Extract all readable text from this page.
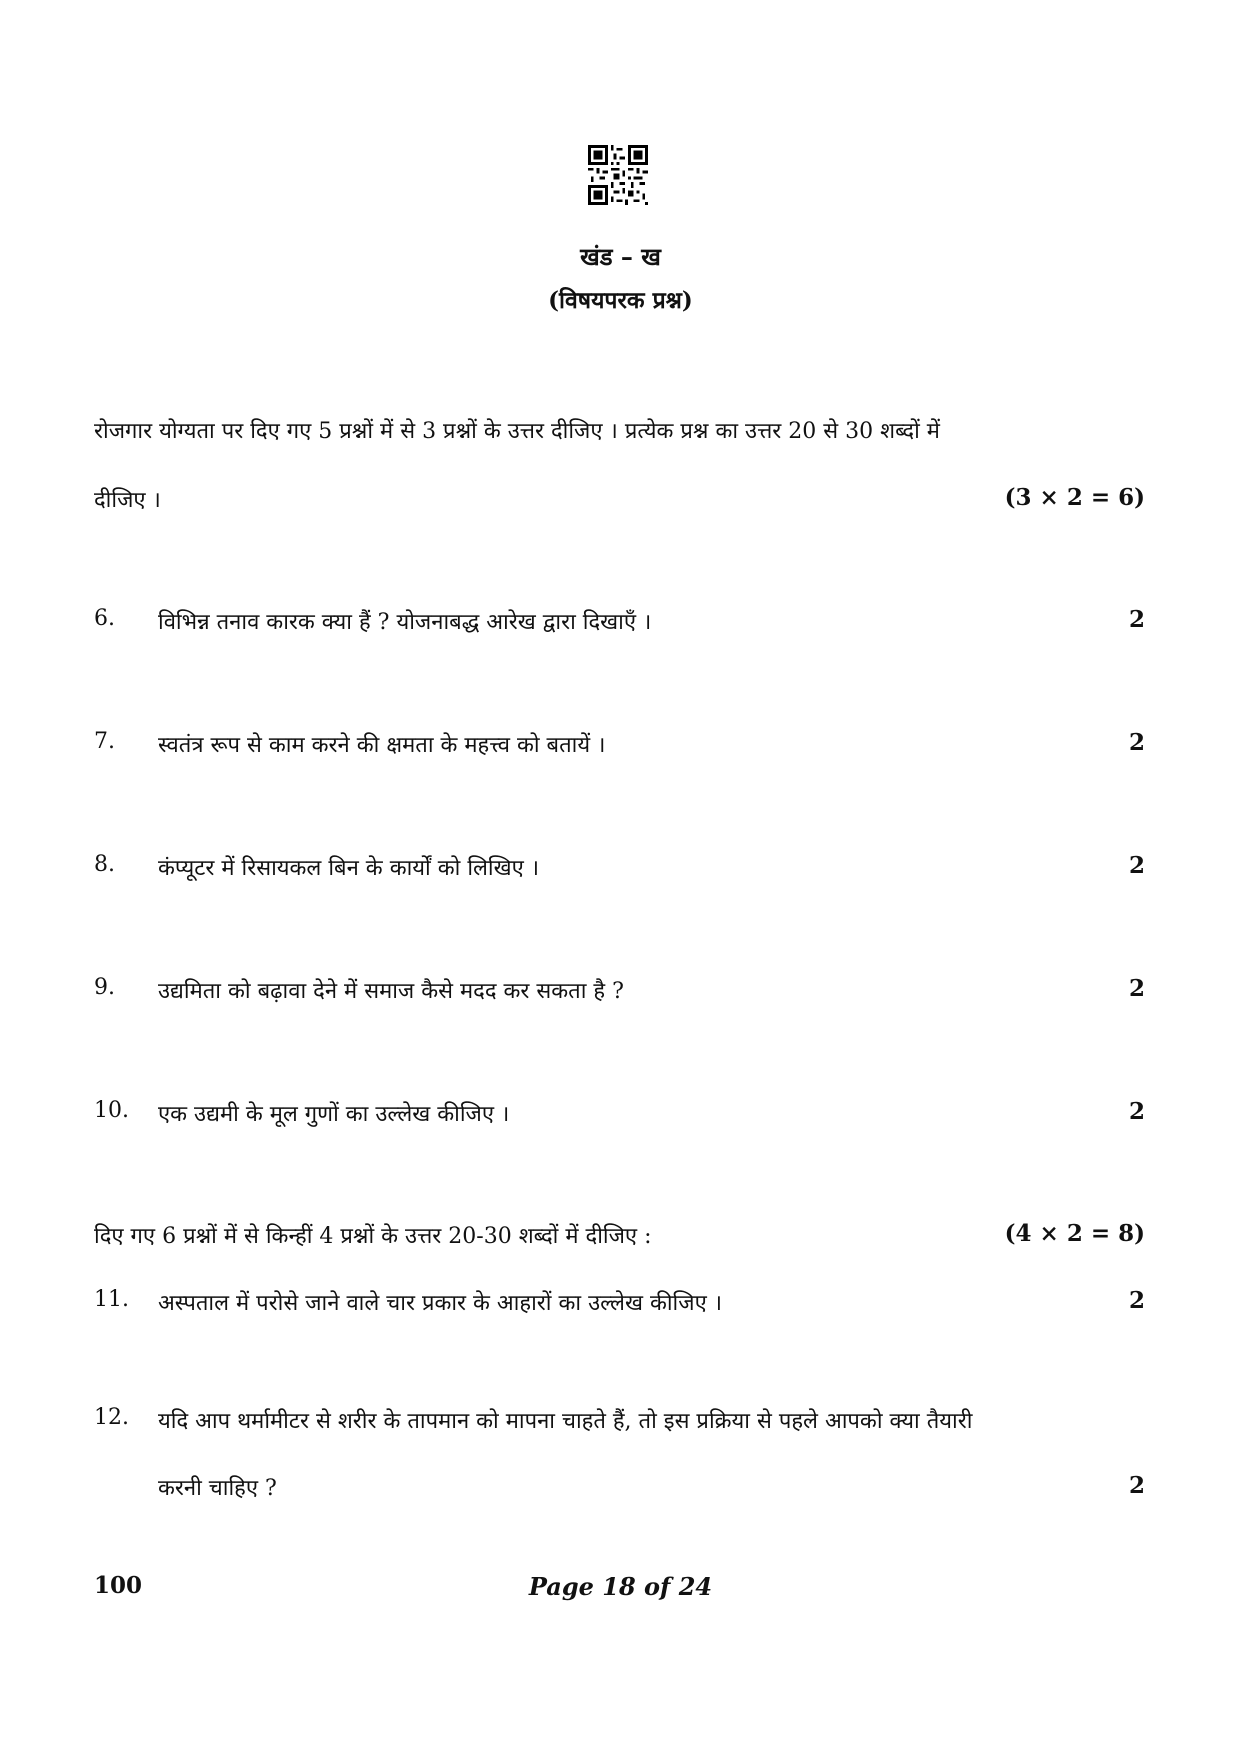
खंड – ख
(विषयपरक प्रश्न)
रोजगार योग्यता पर दिए गए 5 प्रश्नों में से 3 प्रश्नों के उत्तर दीजिए । प्रत्येक प्रश्न का उत्तर 20 से 30 शब्दों में
दीजिए ।	(3 × 2 = 6)
6. विभिन्न तनाव कारक क्या हैं ? योजनाबद्ध आरेख द्वारा दिखाएँ ।	2
7. स्वतंत्र रूप से काम करने की क्षमता के महत्त्व को बतायें ।	2
8. कंप्यूटर में रिसायकल बिन के कार्यों को लिखिए ।	2
9. उद्यमिता को बढ़ावा देने में समाज कैसे मदद कर सकता है ?	2
10. एक उद्यमी के मूल गुणों का उल्लेख कीजिए ।	2
दिए गए 6 प्रश्नों में से किन्हीं 4 प्रश्नों के उत्तर 20-30 शब्दों में दीजिए :	(4 × 2 = 8)
11. अस्पताल में परोसे जाने वाले चार प्रकार के आहारों का उल्लेख कीजिए ।	2
12. यदि आप थर्मामीटर से शरीर के तापमान को मापना चाहते हैं, तो इस प्रक्रिया से पहले आपको क्या तैयारी
करनी चाहिए ?	2
100	Page 18 of 24
